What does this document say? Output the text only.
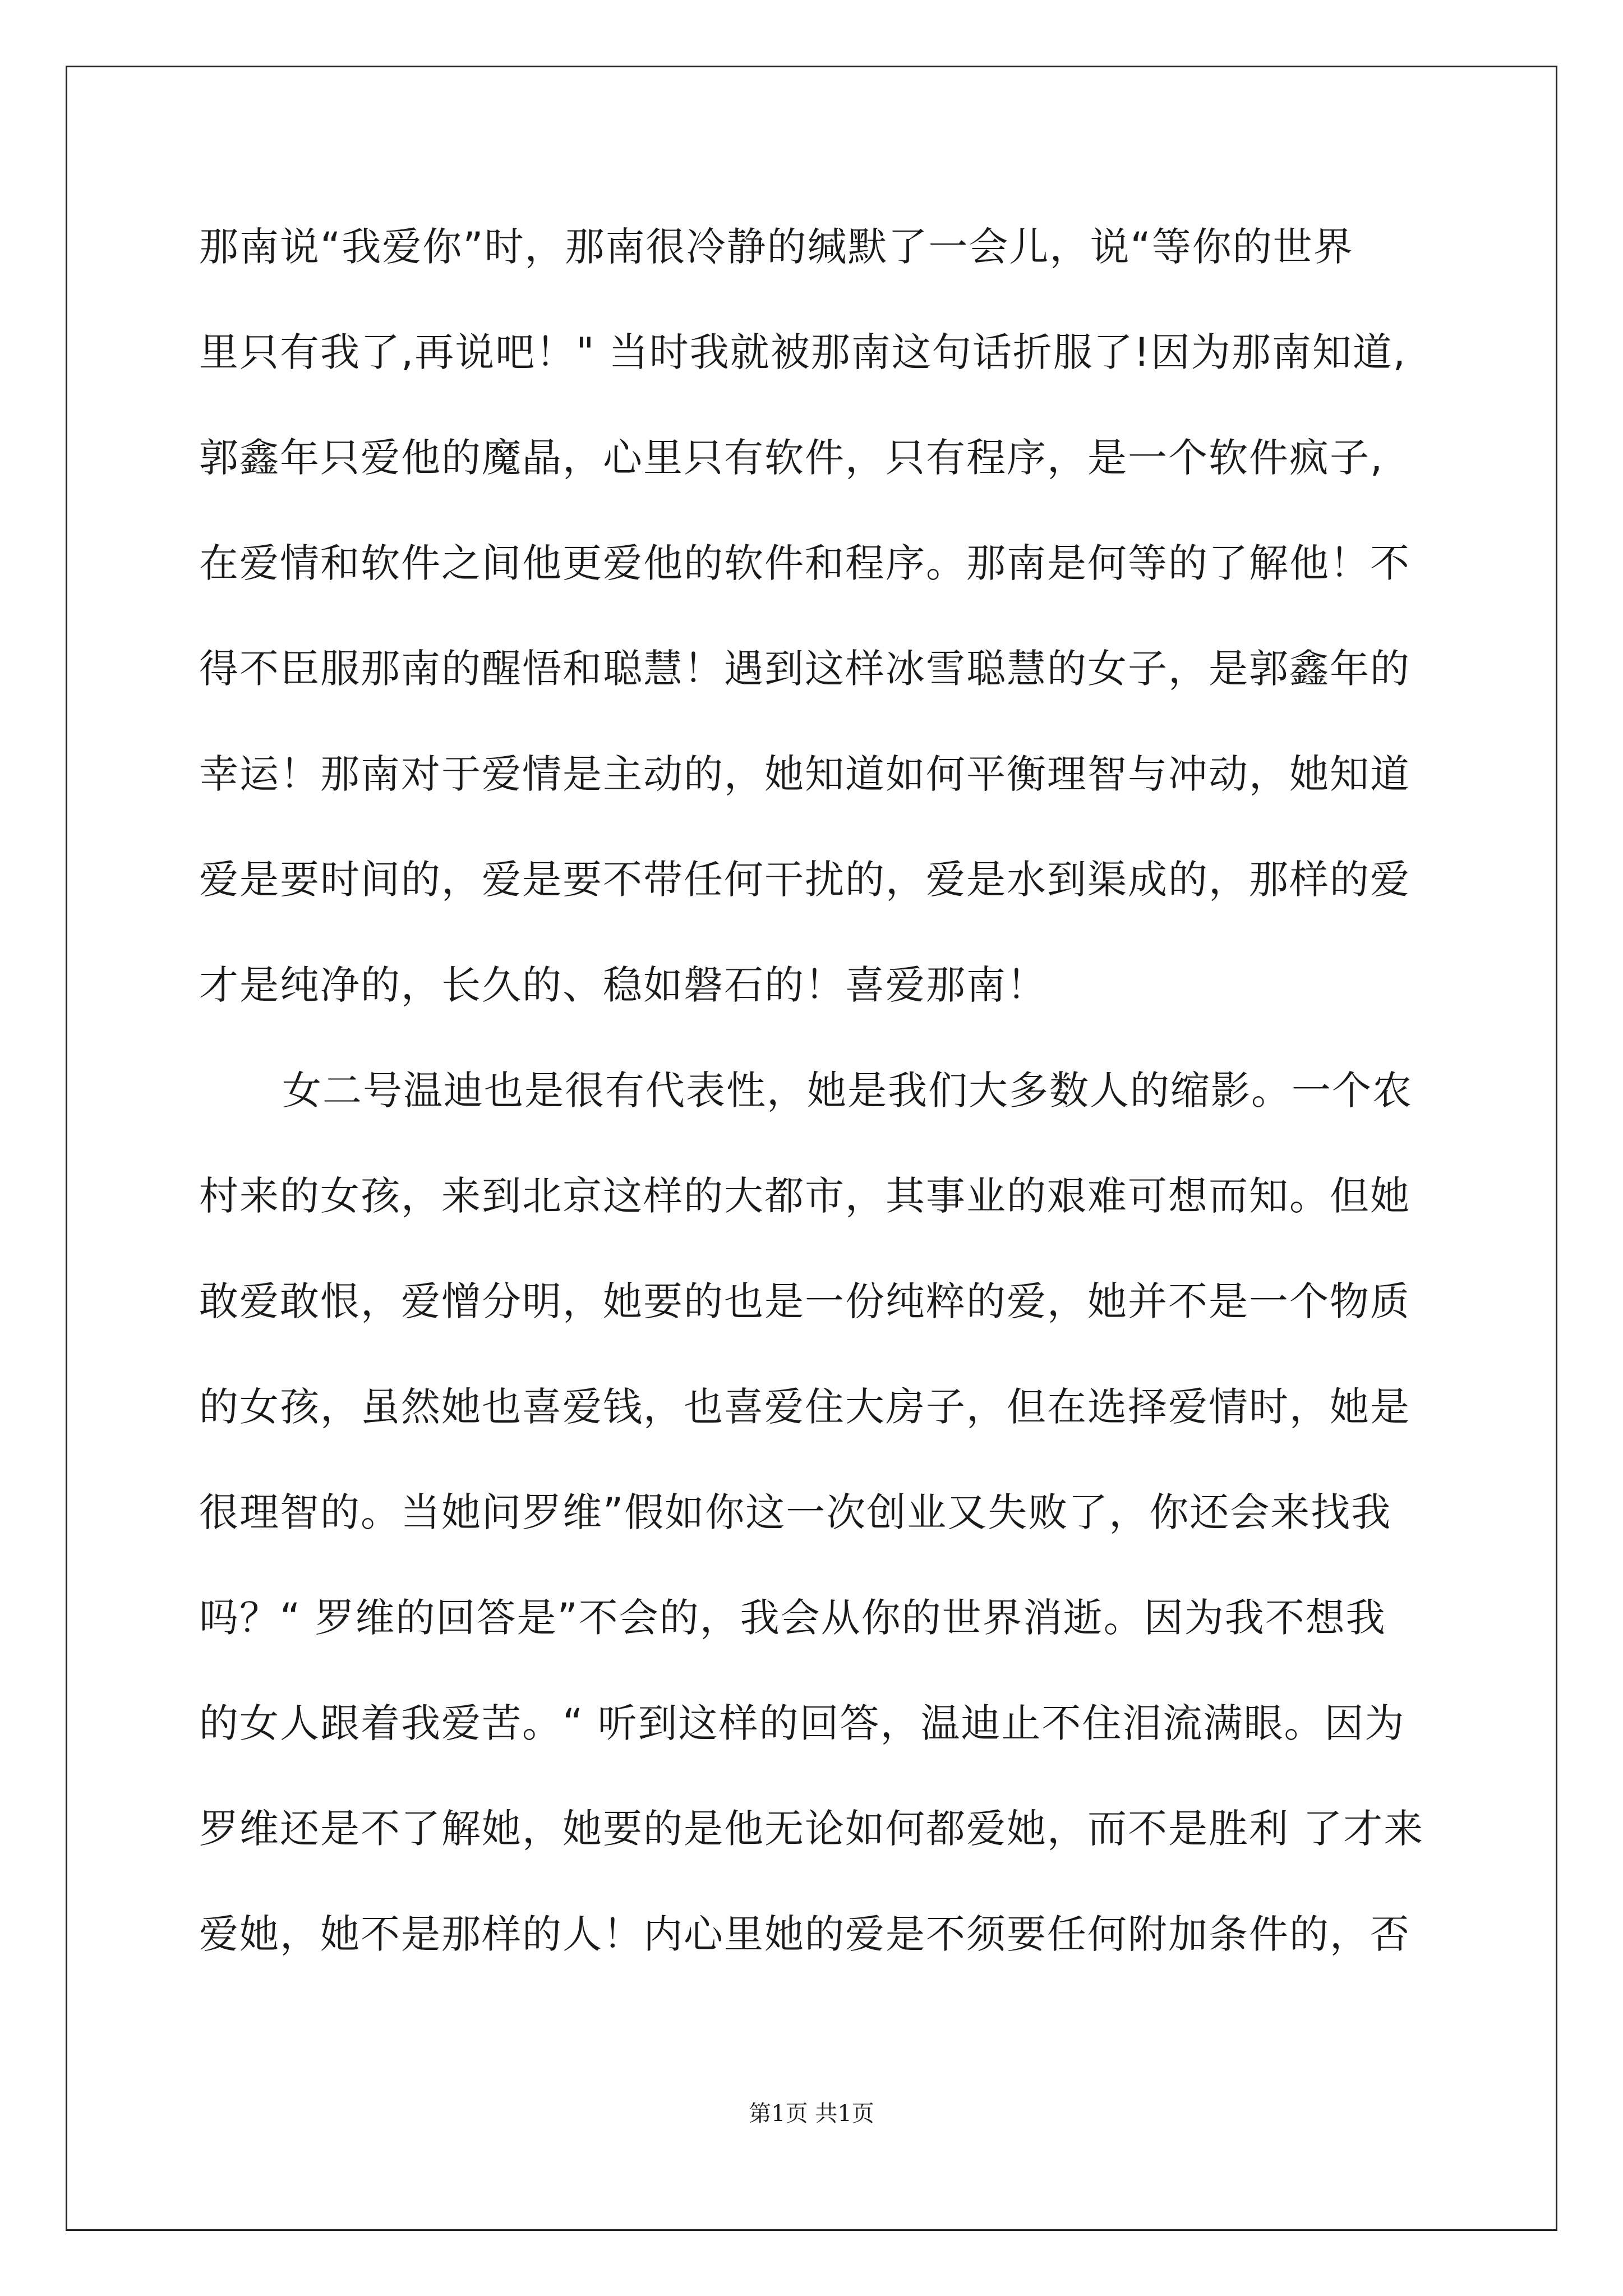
那南说“我爱你”时，那南很冷静的缄默了一会儿，说“等你的世界
里只有我了,再说吧！" 当时我就被那南这句话折服了!因为那南知道,
郭鑫年只爱他的魔晶，心里只有软件，只有程序，是一个软件疯子,
在爱情和软件之间他更爱他的软件和程序。那南是何等的了解他！不
得不臣服那南的醒悟和聪慧！遇到这样冰雪聪慧的女子，是郭鑫年的
幸运！那南对于爱情是主动的，她知道如何平衡理智与冲动，她知道
爱是要时间的，爱是要不带任何干扰的，爱是水到渠成的，那样的爱
才是纯净的，长久的、稳如磐石的！喜爱那南！
女二号温迪也是很有代表性，她是我们大多数人的缩影。一个农
村来的女孩，来到北京这样的大都市，其事业的艰难可想而知。但她
敢爱敢恨，爱憎分明，她要的也是一份纯粹的爱，她并不是一个物质
的女孩，虽然她也喜爱钱，也喜爱住大房子，但在选择爱情时，她是
很理智的。当她问罗维”假如你这一次创业又失败了，你还会来找我
吗？“ 罗维的回答是”不会的，我会从你的世界消逝。因为我不想我
的女人跟着我爱苦。“ 听到这样的回答，温迪止不住泪流满眼。因为
罗维还是不了解她，她要的是他无论如何都爱她，而不是胜利 了才来
爱她，她不是那样的人！内心里她的爱是不须要任何附加条件的，否
第1页 共1页
